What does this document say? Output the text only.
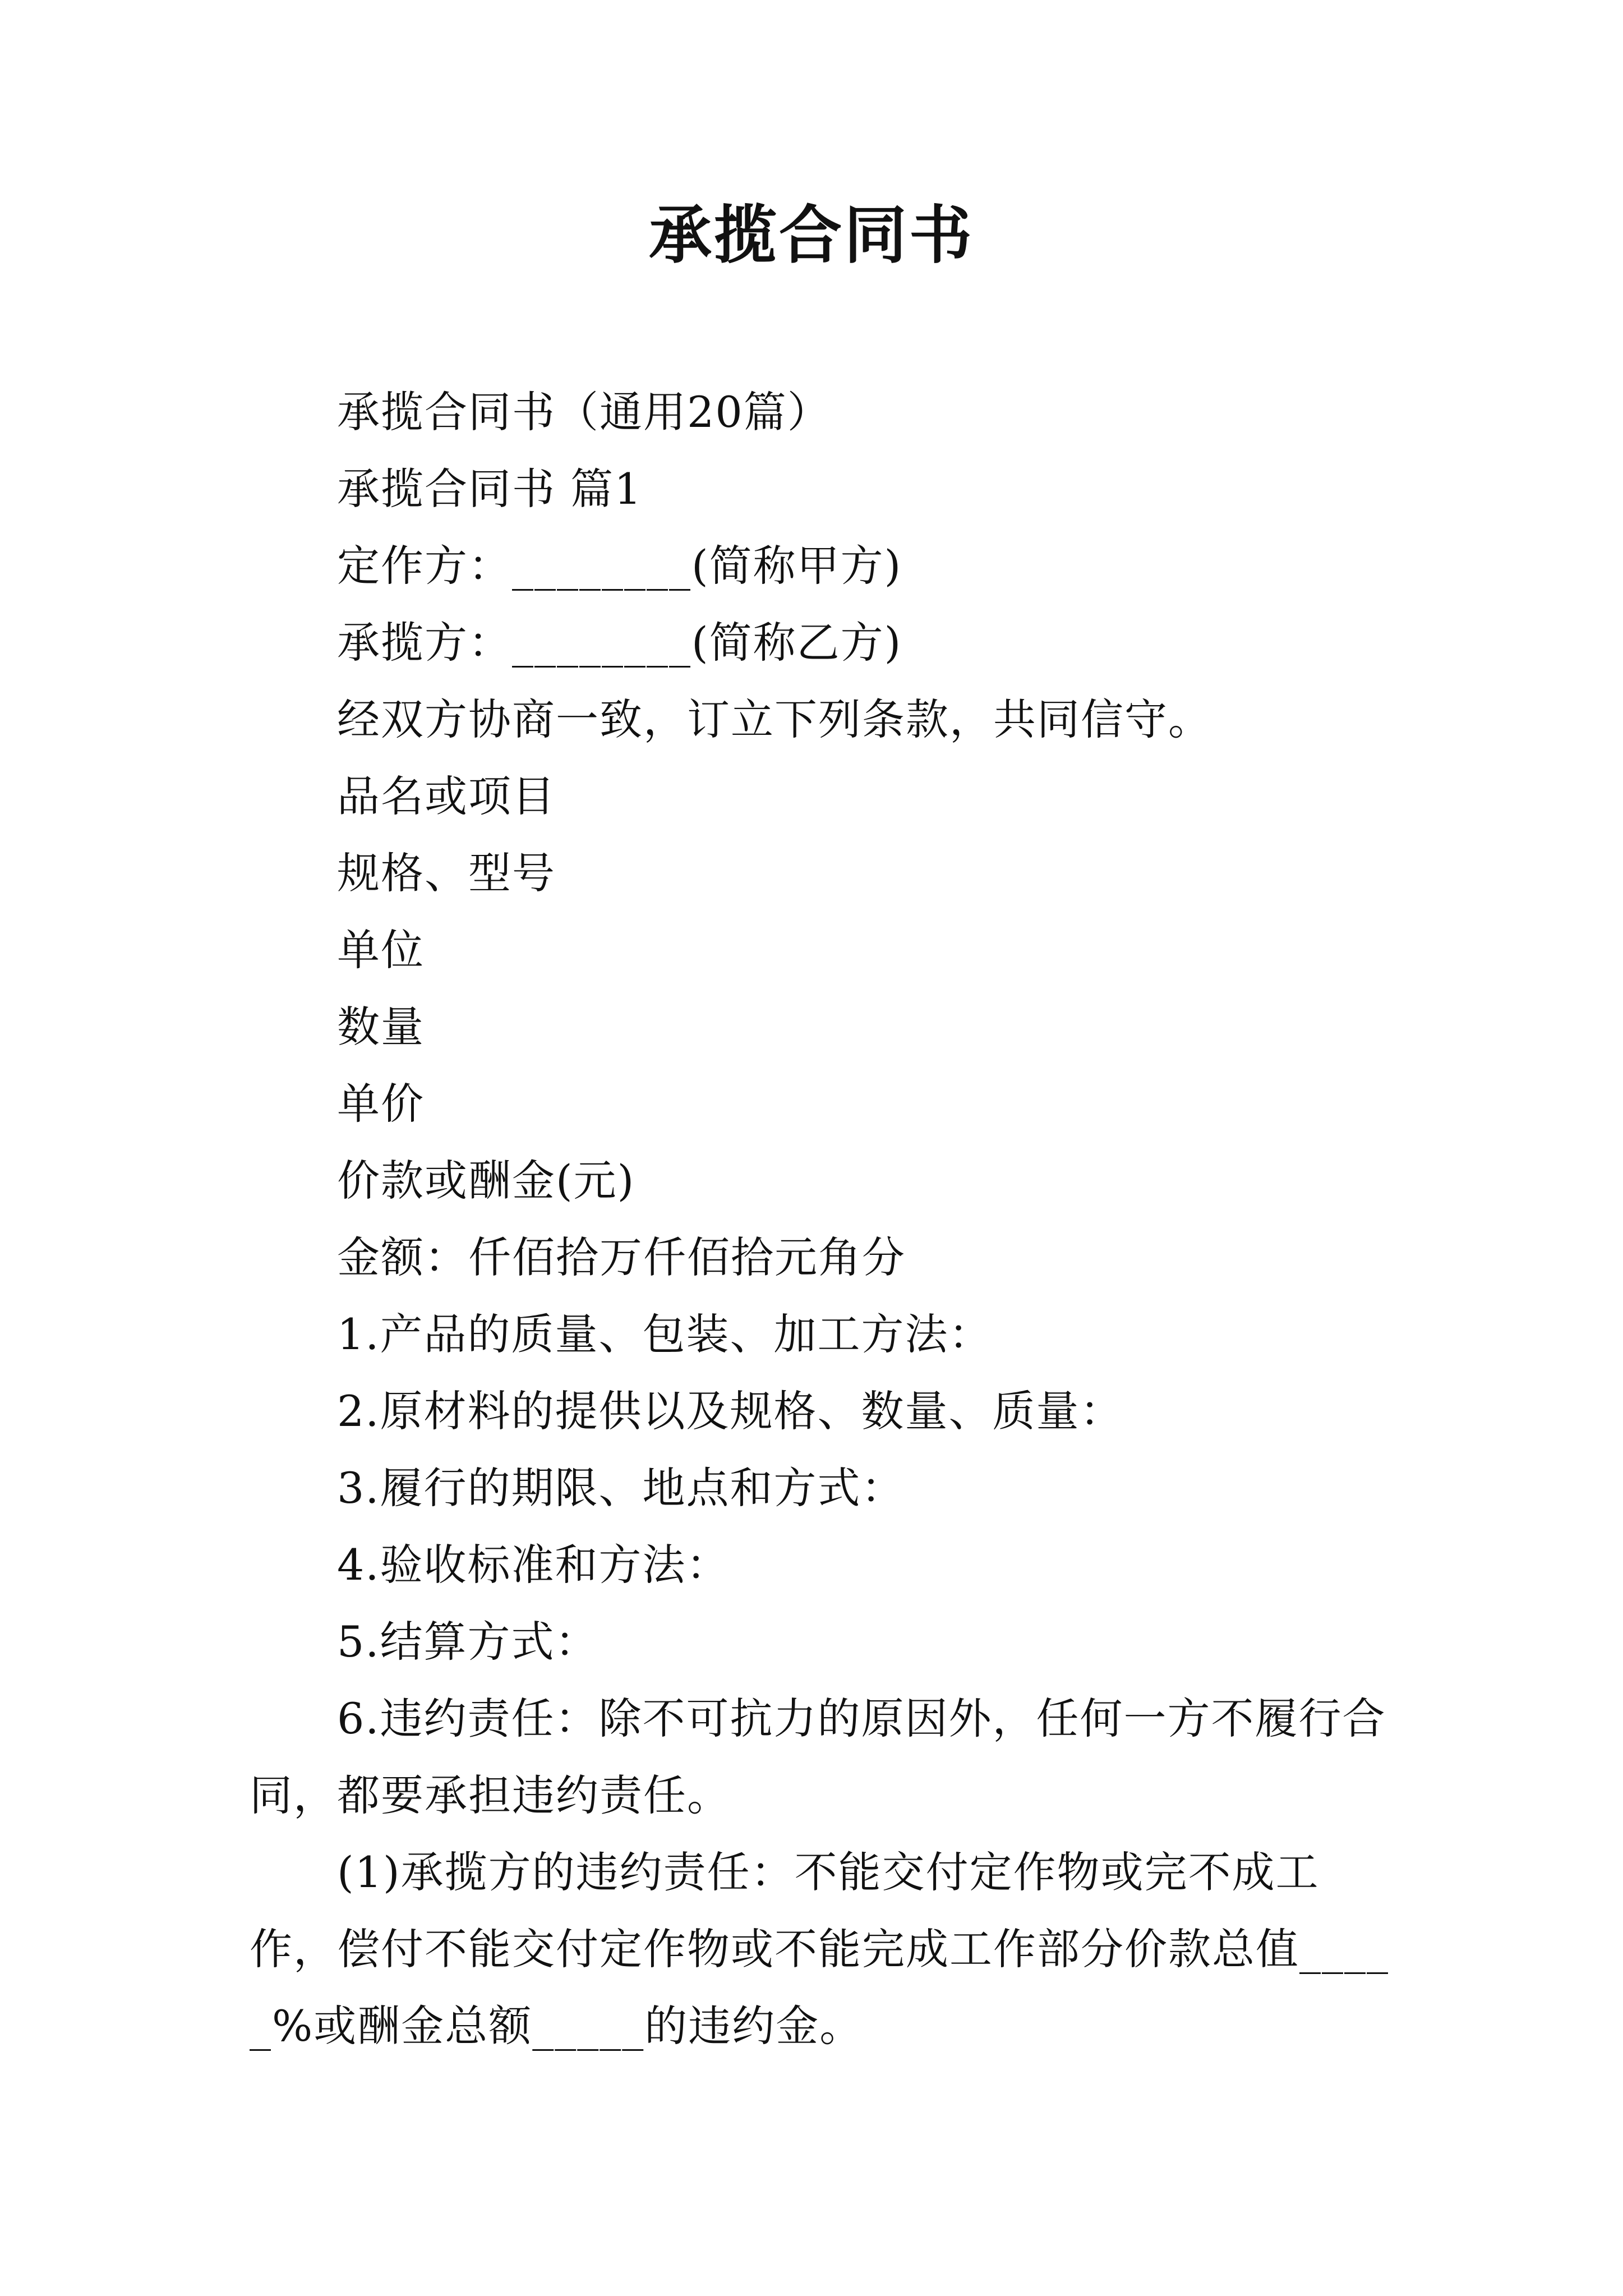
承揽合同书

承揽合同书（通用20篇）

承揽合同书 篇1

定作方：________(简称甲方)

承揽方：________(简称乙方)

经双方协商一致，订立下列条款，共同信守。

品名或项目

规格、型号

单位

数量

单价

价款或酬金(元)

金额：仟佰拾万仟佰拾元角分

1.产品的质量、包装、加工方法：

2.原材料的提供以及规格、数量、质量：

3.履行的期限、地点和方式：

4.验收标准和方法：

5.结算方式：

6.违约责任：除不可抗力的原因外，任何一方不履行合同，都要承担违约责任。

(1)承揽方的违约责任：不能交付定作物或完不成工作，偿付不能交付定作物或不能完成工作部分价款总值_____%或酬金总额_____的违约金。
